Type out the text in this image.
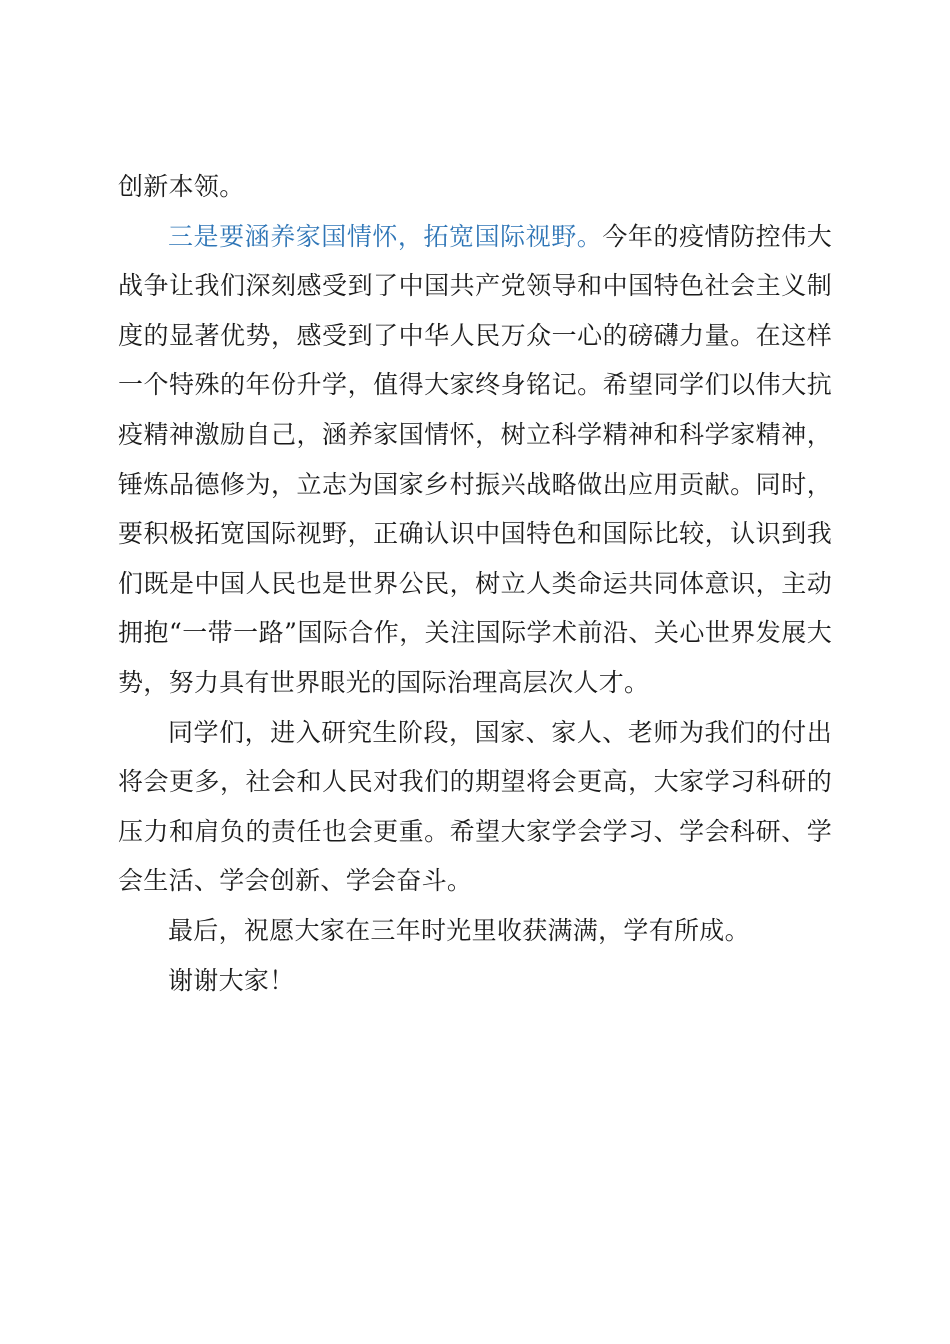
创新本领。

三是要涵养家国情怀，拓宽国际视野。今年的疫情防控伟大战争让我们深刻感受到了中国共产党领导和中国特色社会主义制度的显著优势，感受到了中华人民万众一心的磅礴力量。在这样一个特殊的年份升学，值得大家终身铭记。希望同学们以伟大抗疫精神激励自己，涵养家国情怀，树立科学精神和科学家精神，锤炼品德修为，立志为国家乡村振兴战略做出应用贡献。同时，要积极拓宽国际视野，正确认识中国特色和国际比较，认识到我们既是中国人民也是世界公民，树立人类命运共同体意识，主动拥抱“一带一路”国际合作，关注国际学术前沿、关心世界发展大势，努力具有世界眼光的国际治理高层次人才。

同学们，进入研究生阶段，国家、家人、老师为我们的付出将会更多，社会和人民对我们的期望将会更高，大家学习科研的压力和肩负的责任也会更重。希望大家学会学习、学会科研、学会生活、学会创新、学会奋斗。

最后，祝愿大家在三年时光里收获满满，学有所成。

谢谢大家！
